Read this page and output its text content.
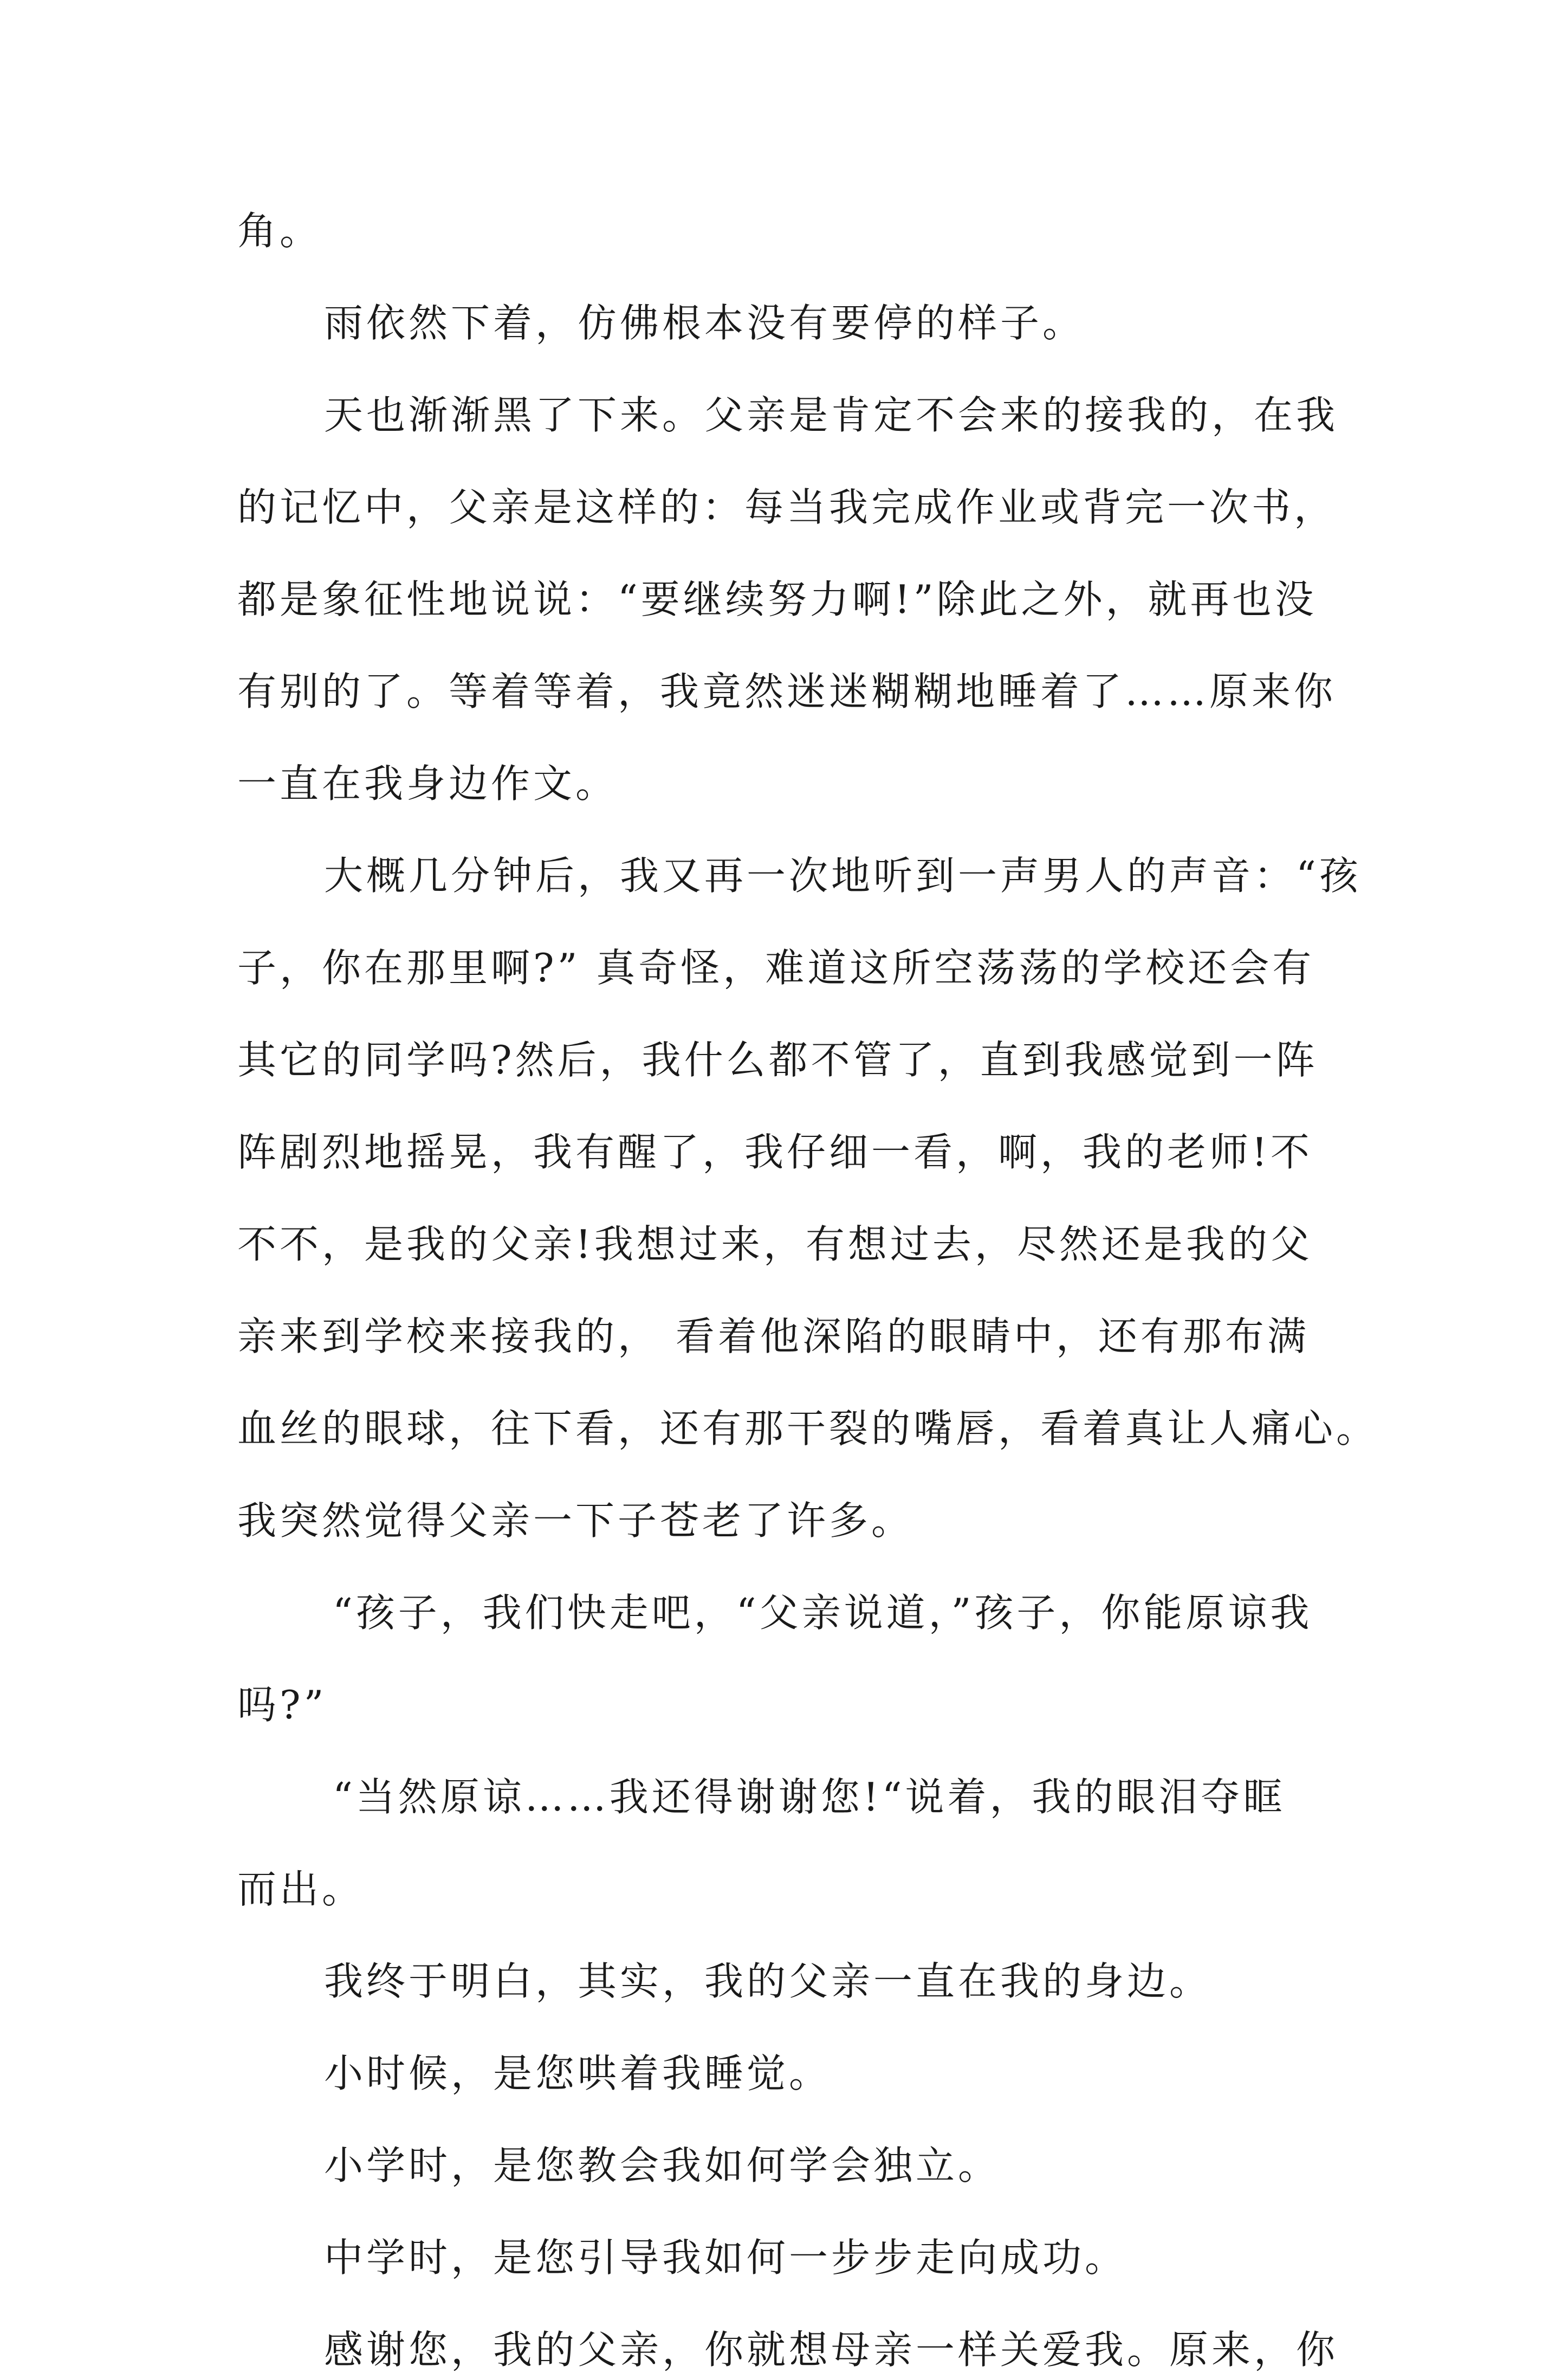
角。
雨依然下着，仿佛根本没有要停的样子。
天也渐渐黑了下来。父亲是肯定不会来的接我的，在我
的记忆中，父亲是这样的：每当我完成作业或背完一次书，
都是象征性地说说：“要继续努力啊!”除此之外，就再也没
有别的了。等着等着，我竟然迷迷糊糊地睡着了……原来你
一直在我身边作文。
大概几分钟后，我又再一次地听到一声男人的声音：“孩
子，你在那里啊?” 真奇怪，难道这所空荡荡的学校还会有
其它的同学吗?然后，我什么都不管了，直到我感觉到一阵
阵剧烈地摇晃，我有醒了，我仔细一看，啊，我的老师!不
不不，是我的父亲!我想过来，有想过去，尽然还是我的父
亲来到学校来接我的， 看着他深陷的眼睛中，还有那布满
血丝的眼球，往下看，还有那干裂的嘴唇，看着真让人痛心。
我突然觉得父亲一下子苍老了许多。
“孩子，我们快走吧，“父亲说道，”孩子，你能原谅我
吗?”
“当然原谅……我还得谢谢您!“说着，我的眼泪夺眶
而出。
我终于明白，其实，我的父亲一直在我的身边。
小时候，是您哄着我睡觉。
小学时，是您教会我如何学会独立。
中学时，是您引导我如何一步步走向成功。
感谢您，我的父亲，你就想母亲一样关爱我。原来，你
